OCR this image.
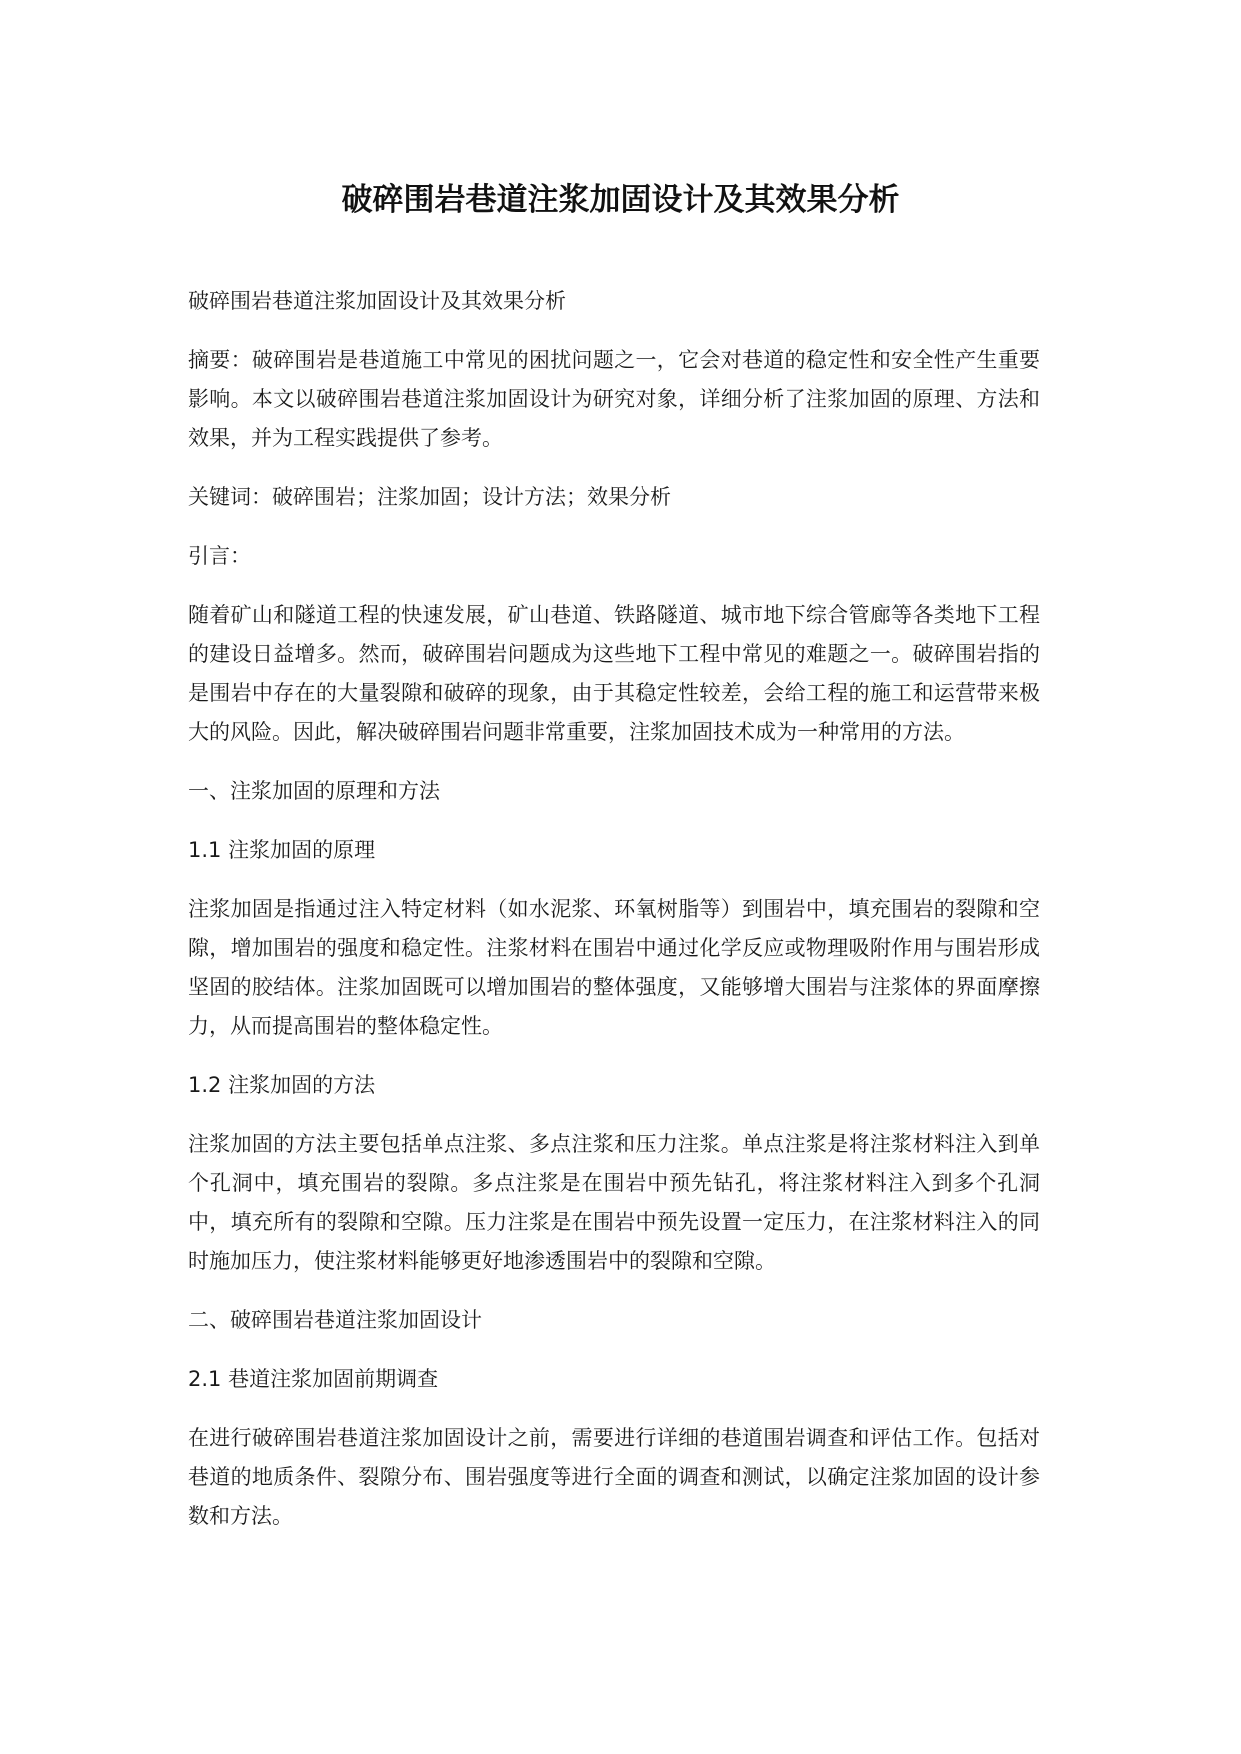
破碎围岩巷道注浆加固设计及其效果分析

破碎围岩巷道注浆加固设计及其效果分析

摘要：破碎围岩是巷道施工中常见的困扰问题之一，它会对巷道的稳定性和安全性产生重要影响。本文以破碎围岩巷道注浆加固设计为研究对象，详细分析了注浆加固的原理、方法和效果，并为工程实践提供了参考。

关键词：破碎围岩；注浆加固；设计方法；效果分析

引言：

随着矿山和隧道工程的快速发展，矿山巷道、铁路隧道、城市地下综合管廊等各类地下工程的建设日益增多。然而，破碎围岩问题成为这些地下工程中常见的难题之一。破碎围岩指的是围岩中存在的大量裂隙和破碎的现象，由于其稳定性较差，会给工程的施工和运营带来极大的风险。因此，解决破碎围岩问题非常重要，注浆加固技术成为一种常用的方法。

一、注浆加固的原理和方法

1.1 注浆加固的原理

注浆加固是指通过注入特定材料（如水泥浆、环氧树脂等）到围岩中，填充围岩的裂隙和空隙，增加围岩的强度和稳定性。注浆材料在围岩中通过化学反应或物理吸附作用与围岩形成坚固的胶结体。注浆加固既可以增加围岩的整体强度，又能够增大围岩与注浆体的界面摩擦力，从而提高围岩的整体稳定性。

1.2 注浆加固的方法

注浆加固的方法主要包括单点注浆、多点注浆和压力注浆。单点注浆是将注浆材料注入到单个孔洞中，填充围岩的裂隙。多点注浆是在围岩中预先钻孔，将注浆材料注入到多个孔洞中，填充所有的裂隙和空隙。压力注浆是在围岩中预先设置一定压力，在注浆材料注入的同时施加压力，使注浆材料能够更好地渗透围岩中的裂隙和空隙。

二、破碎围岩巷道注浆加固设计

2.1 巷道注浆加固前期调查

在进行破碎围岩巷道注浆加固设计之前，需要进行详细的巷道围岩调查和评估工作。包括对巷道的地质条件、裂隙分布、围岩强度等进行全面的调查和测试，以确定注浆加固的设计参数和方法。
